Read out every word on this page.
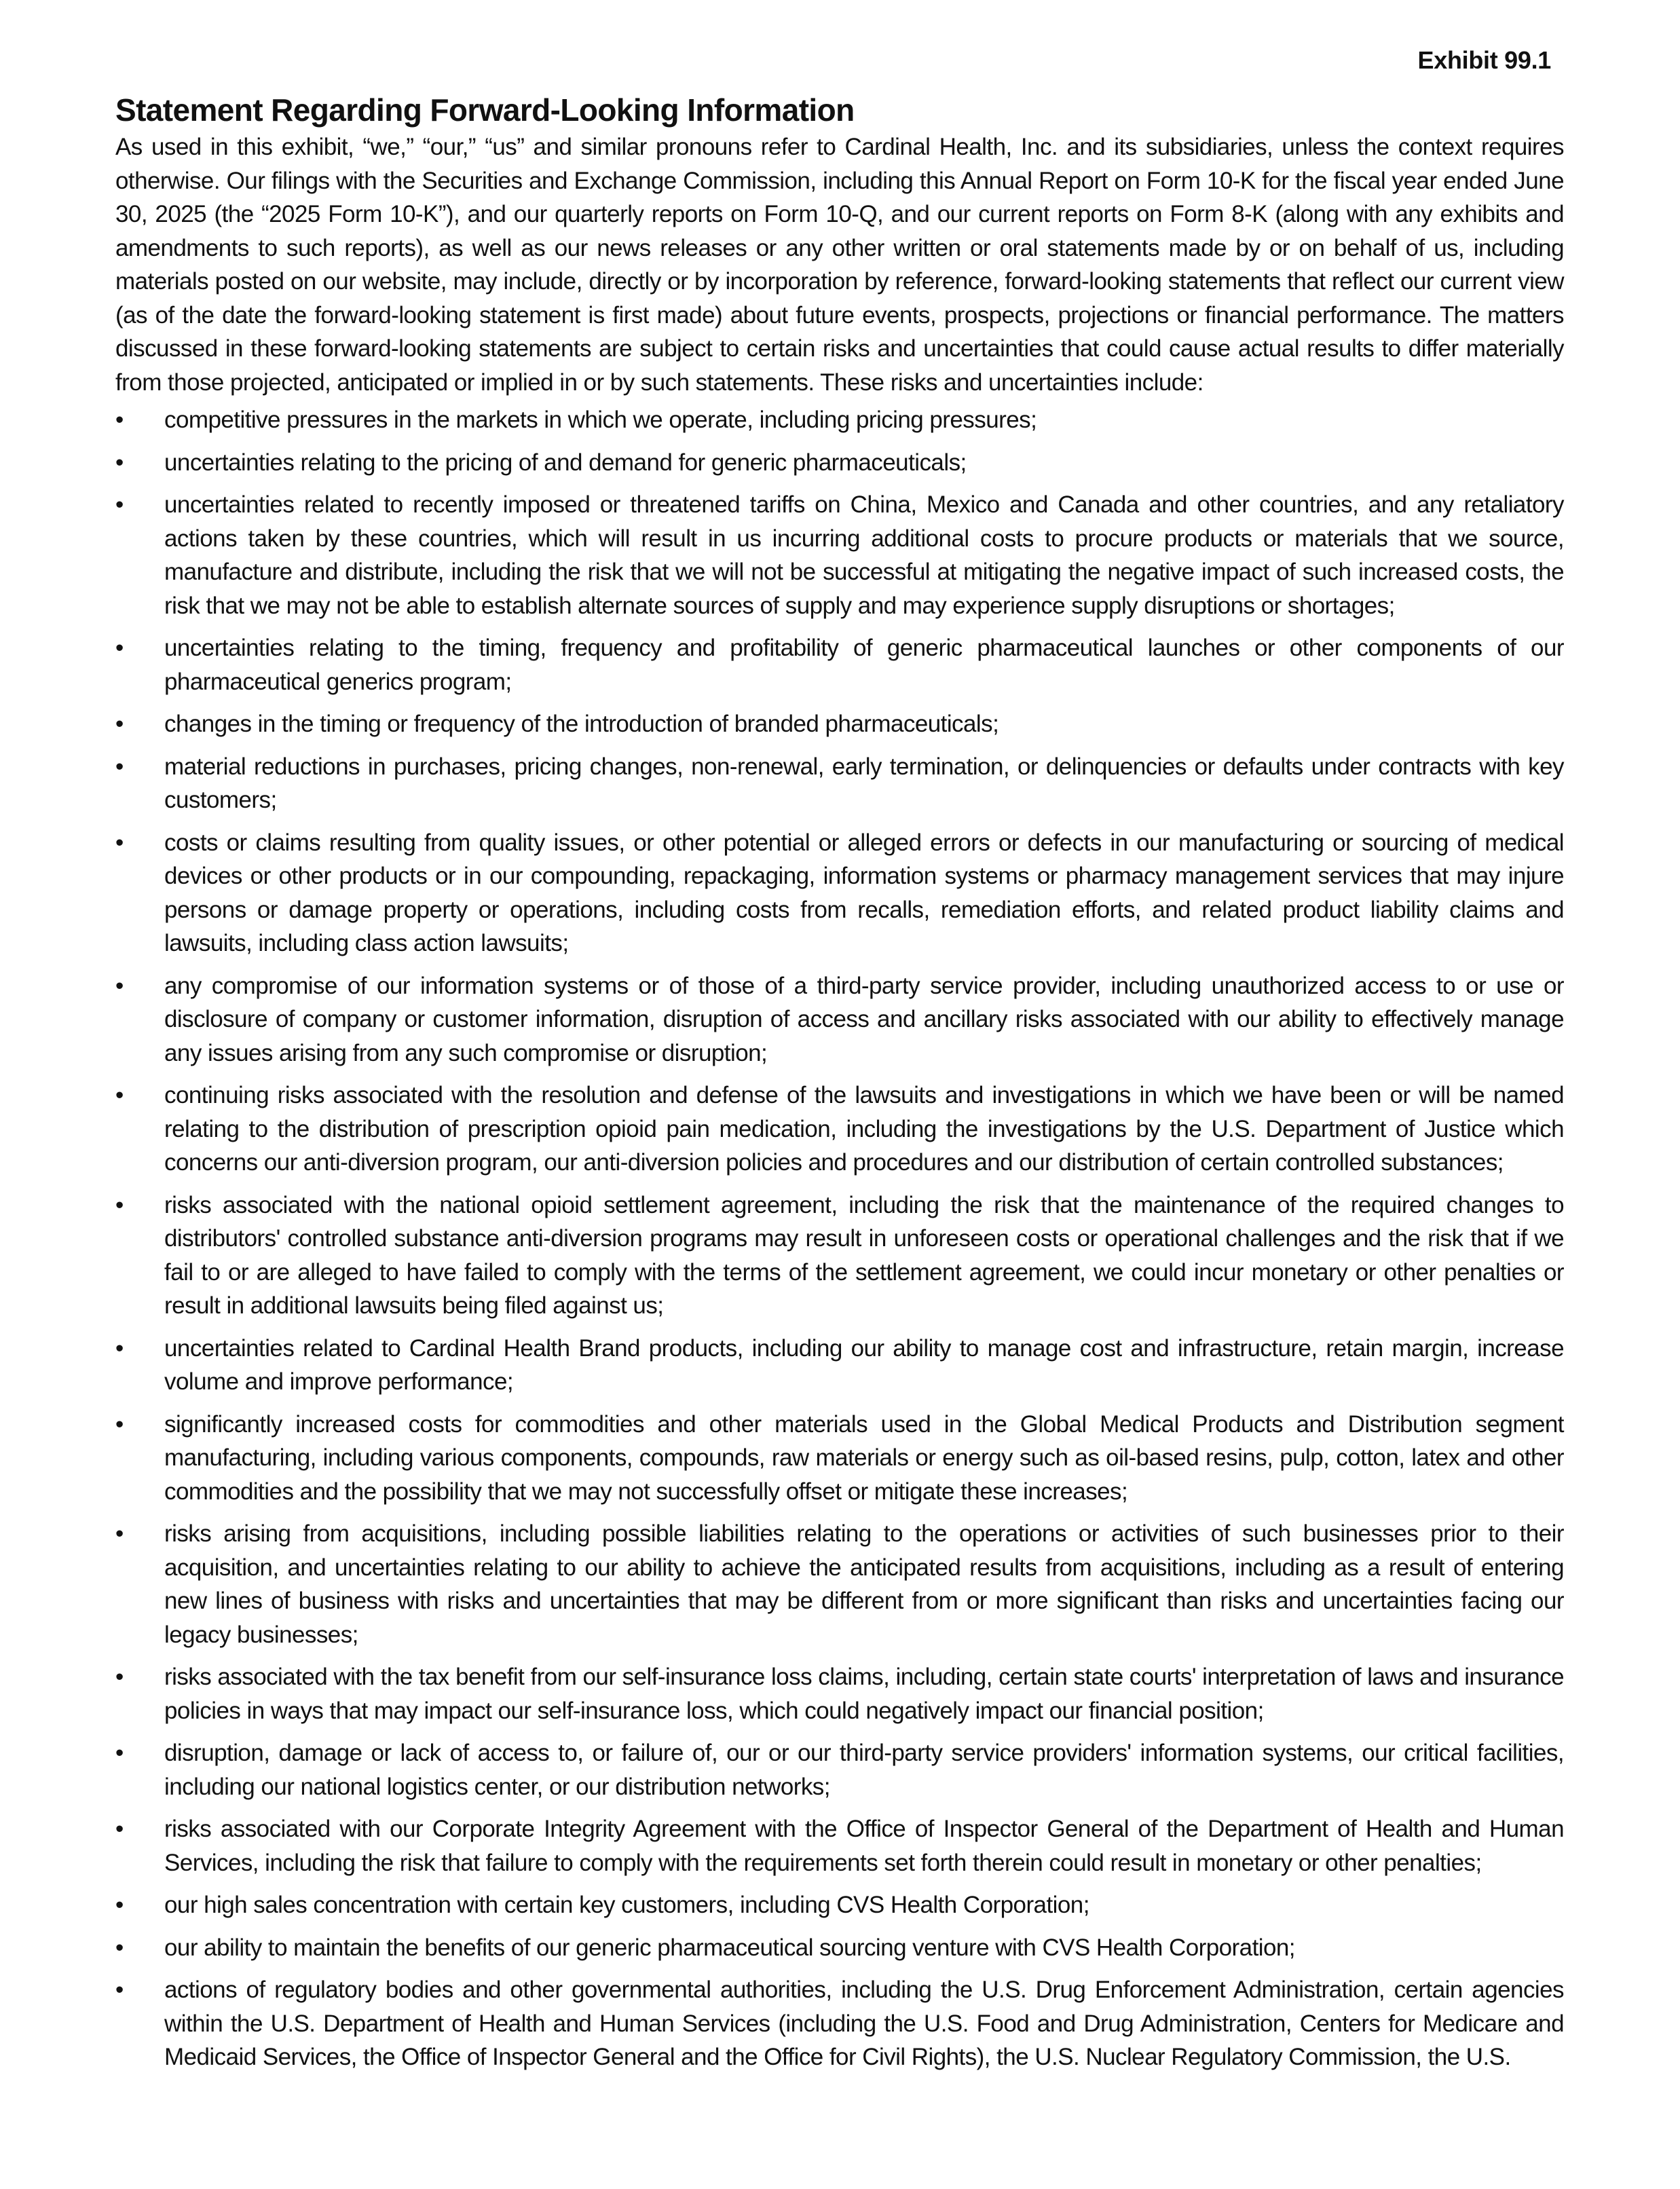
Exhibit 99.1
Statement Regarding Forward-Looking Information

As used in this exhibit, “we,” “our,” “us” and similar pronouns refer to Cardinal Health, Inc. and its subsidiaries, unless the context requires otherwise. Our filings with the Securities and Exchange Commission, including this Annual Report on Form 10-K for the fiscal year ended June 30, 2025 (the “2025 Form 10-K”), and our quarterly reports on Form 10-Q, and our current reports on Form 8-K (along with any exhibits and amendments to such reports), as well as our news releases or any other written or oral statements made by or on behalf of us, including materials posted on our website, may include, directly or by incorporation by reference, forward-looking statements that reflect our current view (as of the date the forward-looking statement is first made) about future events, prospects, projections or financial performance. The matters discussed in these forward-looking statements are subject to certain risks and uncertainties that could cause actual results to differ materially from those projected, anticipated or implied in or by such statements. These risks and uncertainties include:

•	competitive pressures in the markets in which we operate, including pricing pressures;
•	uncertainties relating to the pricing of and demand for generic pharmaceuticals;
•	uncertainties related to recently imposed or threatened tariffs on China, Mexico and Canada and other countries, and any retaliatory actions taken by these countries, which will result in us incurring additional costs to procure products or materials that we source, manufacture and distribute, including the risk that we will not be successful at mitigating the negative impact of such increased costs, the risk that we may not be able to establish alternate sources of supply and may experience supply disruptions or shortages;
•	uncertainties relating to the timing, frequency and profitability of generic pharmaceutical launches or other components of our pharmaceutical generics program;
•	changes in the timing or frequency of the introduction of branded pharmaceuticals;
•	material reductions in purchases, pricing changes, non-renewal, early termination, or delinquencies or defaults under contracts with key customers;
•	costs or claims resulting from quality issues, or other potential or alleged errors or defects in our manufacturing or sourcing of medical devices or other products or in our compounding, repackaging, information systems or pharmacy management services that may injure persons or damage property or operations, including costs from recalls, remediation efforts, and related product liability claims and lawsuits, including class action lawsuits;
•	any compromise of our information systems or of those of a third-party service provider, including unauthorized access to or use or disclosure of company or customer information, disruption of access and ancillary risks associated with our ability to effectively manage any issues arising from any such compromise or disruption;
•	continuing risks associated with the resolution and defense of the lawsuits and investigations in which we have been or will be named relating to the distribution of prescription opioid pain medication, including the investigations by the U.S. Department of Justice which concerns our anti-diversion program, our anti-diversion policies and procedures and our distribution of certain controlled substances;
•	risks associated with the national opioid settlement agreement, including the risk that the maintenance of the required changes to distributors' controlled substance anti-diversion programs may result in unforeseen costs or operational challenges and the risk that if we fail to or are alleged to have failed to comply with the terms of the settlement agreement, we could incur monetary or other penalties or result in additional lawsuits being filed against us;
•	uncertainties related to Cardinal Health Brand products, including our ability to manage cost and infrastructure, retain margin, increase volume and improve performance;
•	significantly increased costs for commodities and other materials used in the Global Medical Products and Distribution segment manufacturing, including various components, compounds, raw materials or energy such as oil-based resins, pulp, cotton, latex and other commodities and the possibility that we may not successfully offset or mitigate these increases;
•	risks arising from acquisitions, including possible liabilities relating to the operations or activities of such businesses prior to their acquisition, and uncertainties relating to our ability to achieve the anticipated results from acquisitions, including as a result of entering new lines of business with risks and uncertainties that may be different from or more significant than risks and uncertainties facing our legacy businesses;
•	risks associated with the tax benefit from our self-insurance loss claims, including, certain state courts' interpretation of laws and insurance policies in ways that may impact our self-insurance loss, which could negatively impact our financial position;
•	disruption, damage or lack of access to, or failure of, our or our third-party service providers' information systems, our critical facilities, including our national logistics center, or our distribution networks;
•	risks associated with our Corporate Integrity Agreement with the Office of Inspector General of the Department of Health and Human Services, including the risk that failure to comply with the requirements set forth therein could result in monetary or other penalties;
•	our high sales concentration with certain key customers, including CVS Health Corporation;
•	our ability to maintain the benefits of our generic pharmaceutical sourcing venture with CVS Health Corporation;
•	actions of regulatory bodies and other governmental authorities, including the U.S. Drug Enforcement Administration, certain agencies within the U.S. Department of Health and Human Services (including the U.S. Food and Drug Administration, Centers for Medicare and Medicaid Services, the Office of Inspector General and the Office for Civil Rights), the U.S. Nuclear Regulatory Commission, the U.S.
